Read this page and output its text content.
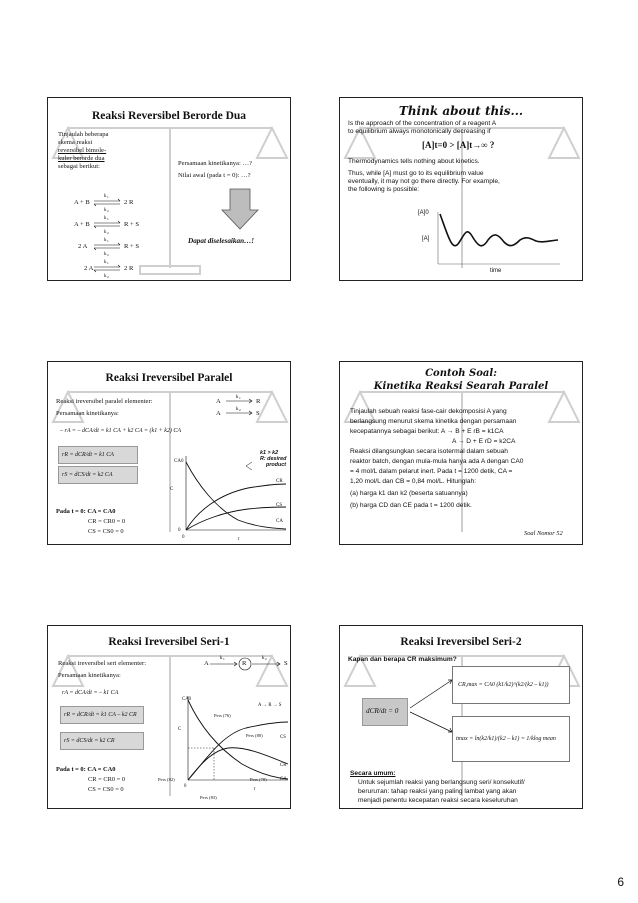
Reaksi Reversibel Berorde Dua
Tinjaulah beberapa
skema reaksi
reversibel bimole-
kuler berorde dua
sebagai berikut:
k 1
k 2
k 1
k 2
k 1
k 2
k 1
k 2
A + B	2 R
A + B	R + S
2 A	R + S
2 A	2 R
Persamaan kinetikanya: …?
Nilai awal (pada t = 0): …?
Dapat diselesaikan…!
Think about this...
Is the approach of the concentration of a reagent A
to equilibrium always monotonically decreasing if
[A]t=0 > [A]t→∞ ?
Thermodynamics tells nothing about kinetics.
Thus, while [A] must go to its equilibrium value
eventually, it may not go there directly. For example,
the following is possible:
[A]0
[A]
time
Reaksi Ireversibel Paralel
Reaksi ireversibel paralel elementer:
Persamaan kinetikanya:
A	R
A	S
k 1
k 2
– rA = – dCA/dt = k1 CA + k2 CA = (k1 + k2) CA
rR = dCR/dt = k1 CA
rS = dCS/dt = k2 CA
Pada t = 0: CA = CA0
CR = CR0 = 0
CS = CS0 = 0
k1 > k2
R: desired
product
CA0
C
CR
CS
CA
0
0	t
Contoh Soal:
Kinetika Reaksi Searah Paralel
Tinjaulah sebuah reaksi fase-cair dekomposisi A yang
berlangsung menurut skema kinetika dengan persamaan
kecepatannya sebagai berikut: A → B + E rB = k1CA
A → D + E rD = k2CA
Reaksi dilangsungkan secara isotermal dalam sebuah
reaktor batch, dengan mula-mula hanya ada A dengan CA0
= 4 mol/L dalam pelarut inert. Pada t = 1200 detik, CA =
1,20 mol/L dan CB = 0,84 mol/L. Hitunglah:
(a) harga k1 dan k2 (beserta satuannya)
(b) harga CD dan CE pada t = 1200 detik.
Soal Nomor 52
Reaksi Ireversibel Seri-1
Reaksi ireversibel seri elementer:
Persamaan kinetikanya:
k 1	k 2
A	R	S
rA = dCA/dt = – k1 CA
rR = dCR/dt = k1 CA – k2 CR
rS = dCS/dt = k2 CR
Pada t = 0: CA = CA0
CR = CR0 = 0
CS = CS0 = 0
CA0
C
A → R → S
Pers (76)
Pers (80)
Pers (82)	Pers (78)
Pers (83)
CS
CR
CA
0
t
Reaksi Ireversibel Seri-2
Kapan dan berapa CR maksimum?
dCR/dt = 0
CR,max = CA0 (k1/k2)^(k2/(k2 – k1))
tmax = ln(k2/k1)/(k2 – k1) = 1/klog mean
Secara umum:
Untuk sejumlah reaksi yang berlangsung seri/ konsekutif/
beruruтan: tahap reaksi yang paling lambat yang akan
menjadi penentu kecepatan reaksi secara keseluruhan
6
